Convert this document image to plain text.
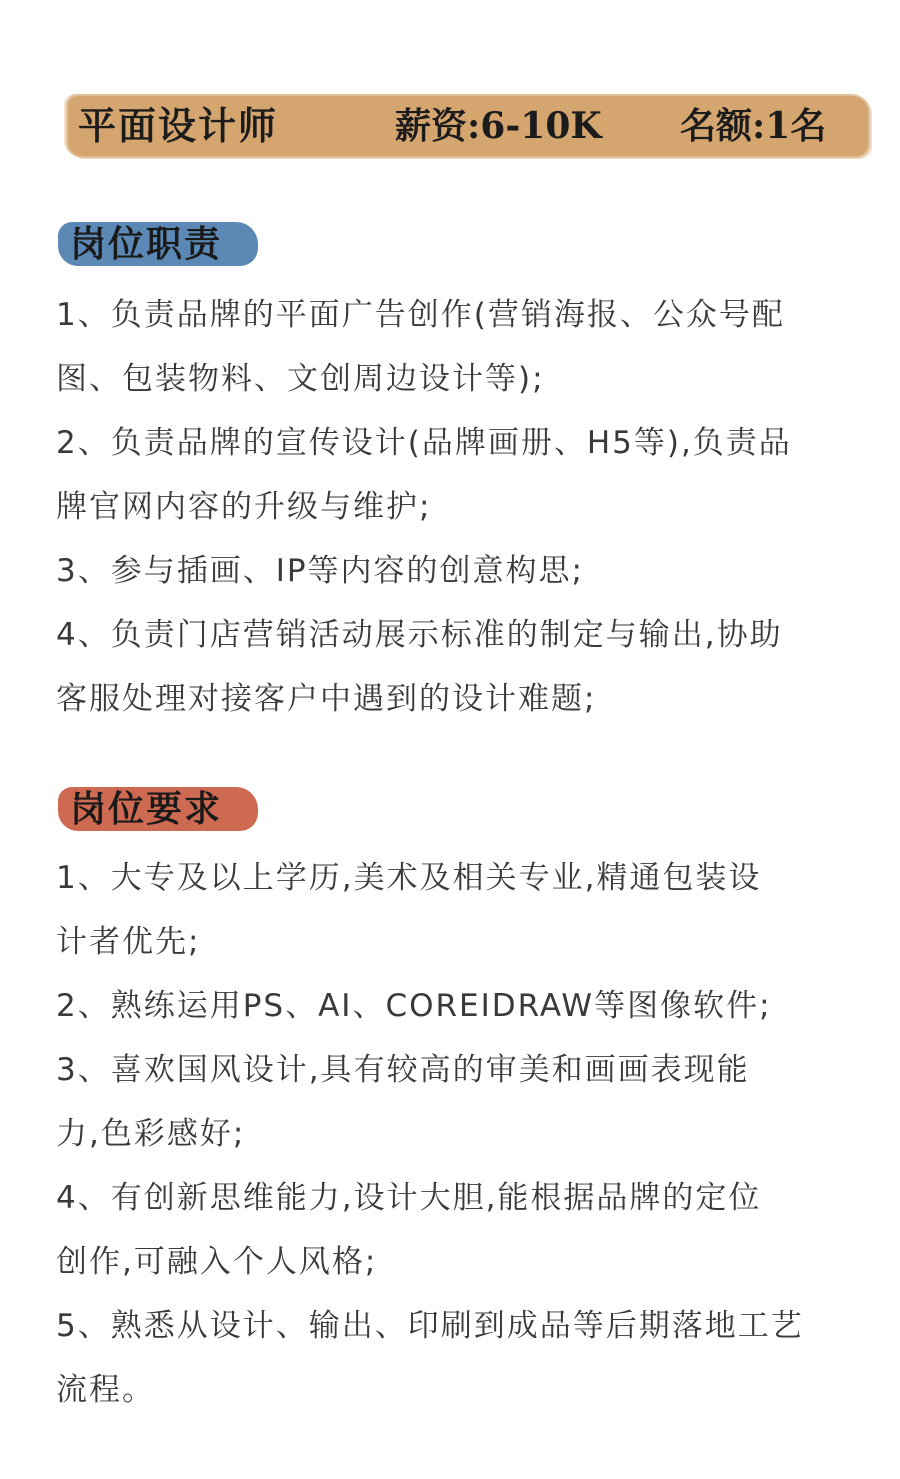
平面设计师	薪资:6-10K 名额:1名
岗位职责
1、负责品牌的平面广告创作(营销海报、公众号配
图、包装物料、文创周边设计等);
2、负责品牌的宣传设计(品牌画册、H5等),负责品
牌官网内容的升级与维护;
3、参与插画、IP等内容的创意构思;
4、负责门店营销活动展示标准的制定与输出,协助
客服处理对接客户中遇到的设计难题;
岗位要求
1、大专及以上学历,美术及相关专业,精通包装设
计者优先;
2、熟练运用PS、AI、COREIDRAW等图像软件;
3、喜欢国风设计,具有较高的审美和画画表现能
力,色彩感好;
4、有创新思维能力,设计大胆,能根据品牌的定位
创作,可融入个人风格;
5、熟悉从设计、输出、印刷到成品等后期落地工艺
流程。
